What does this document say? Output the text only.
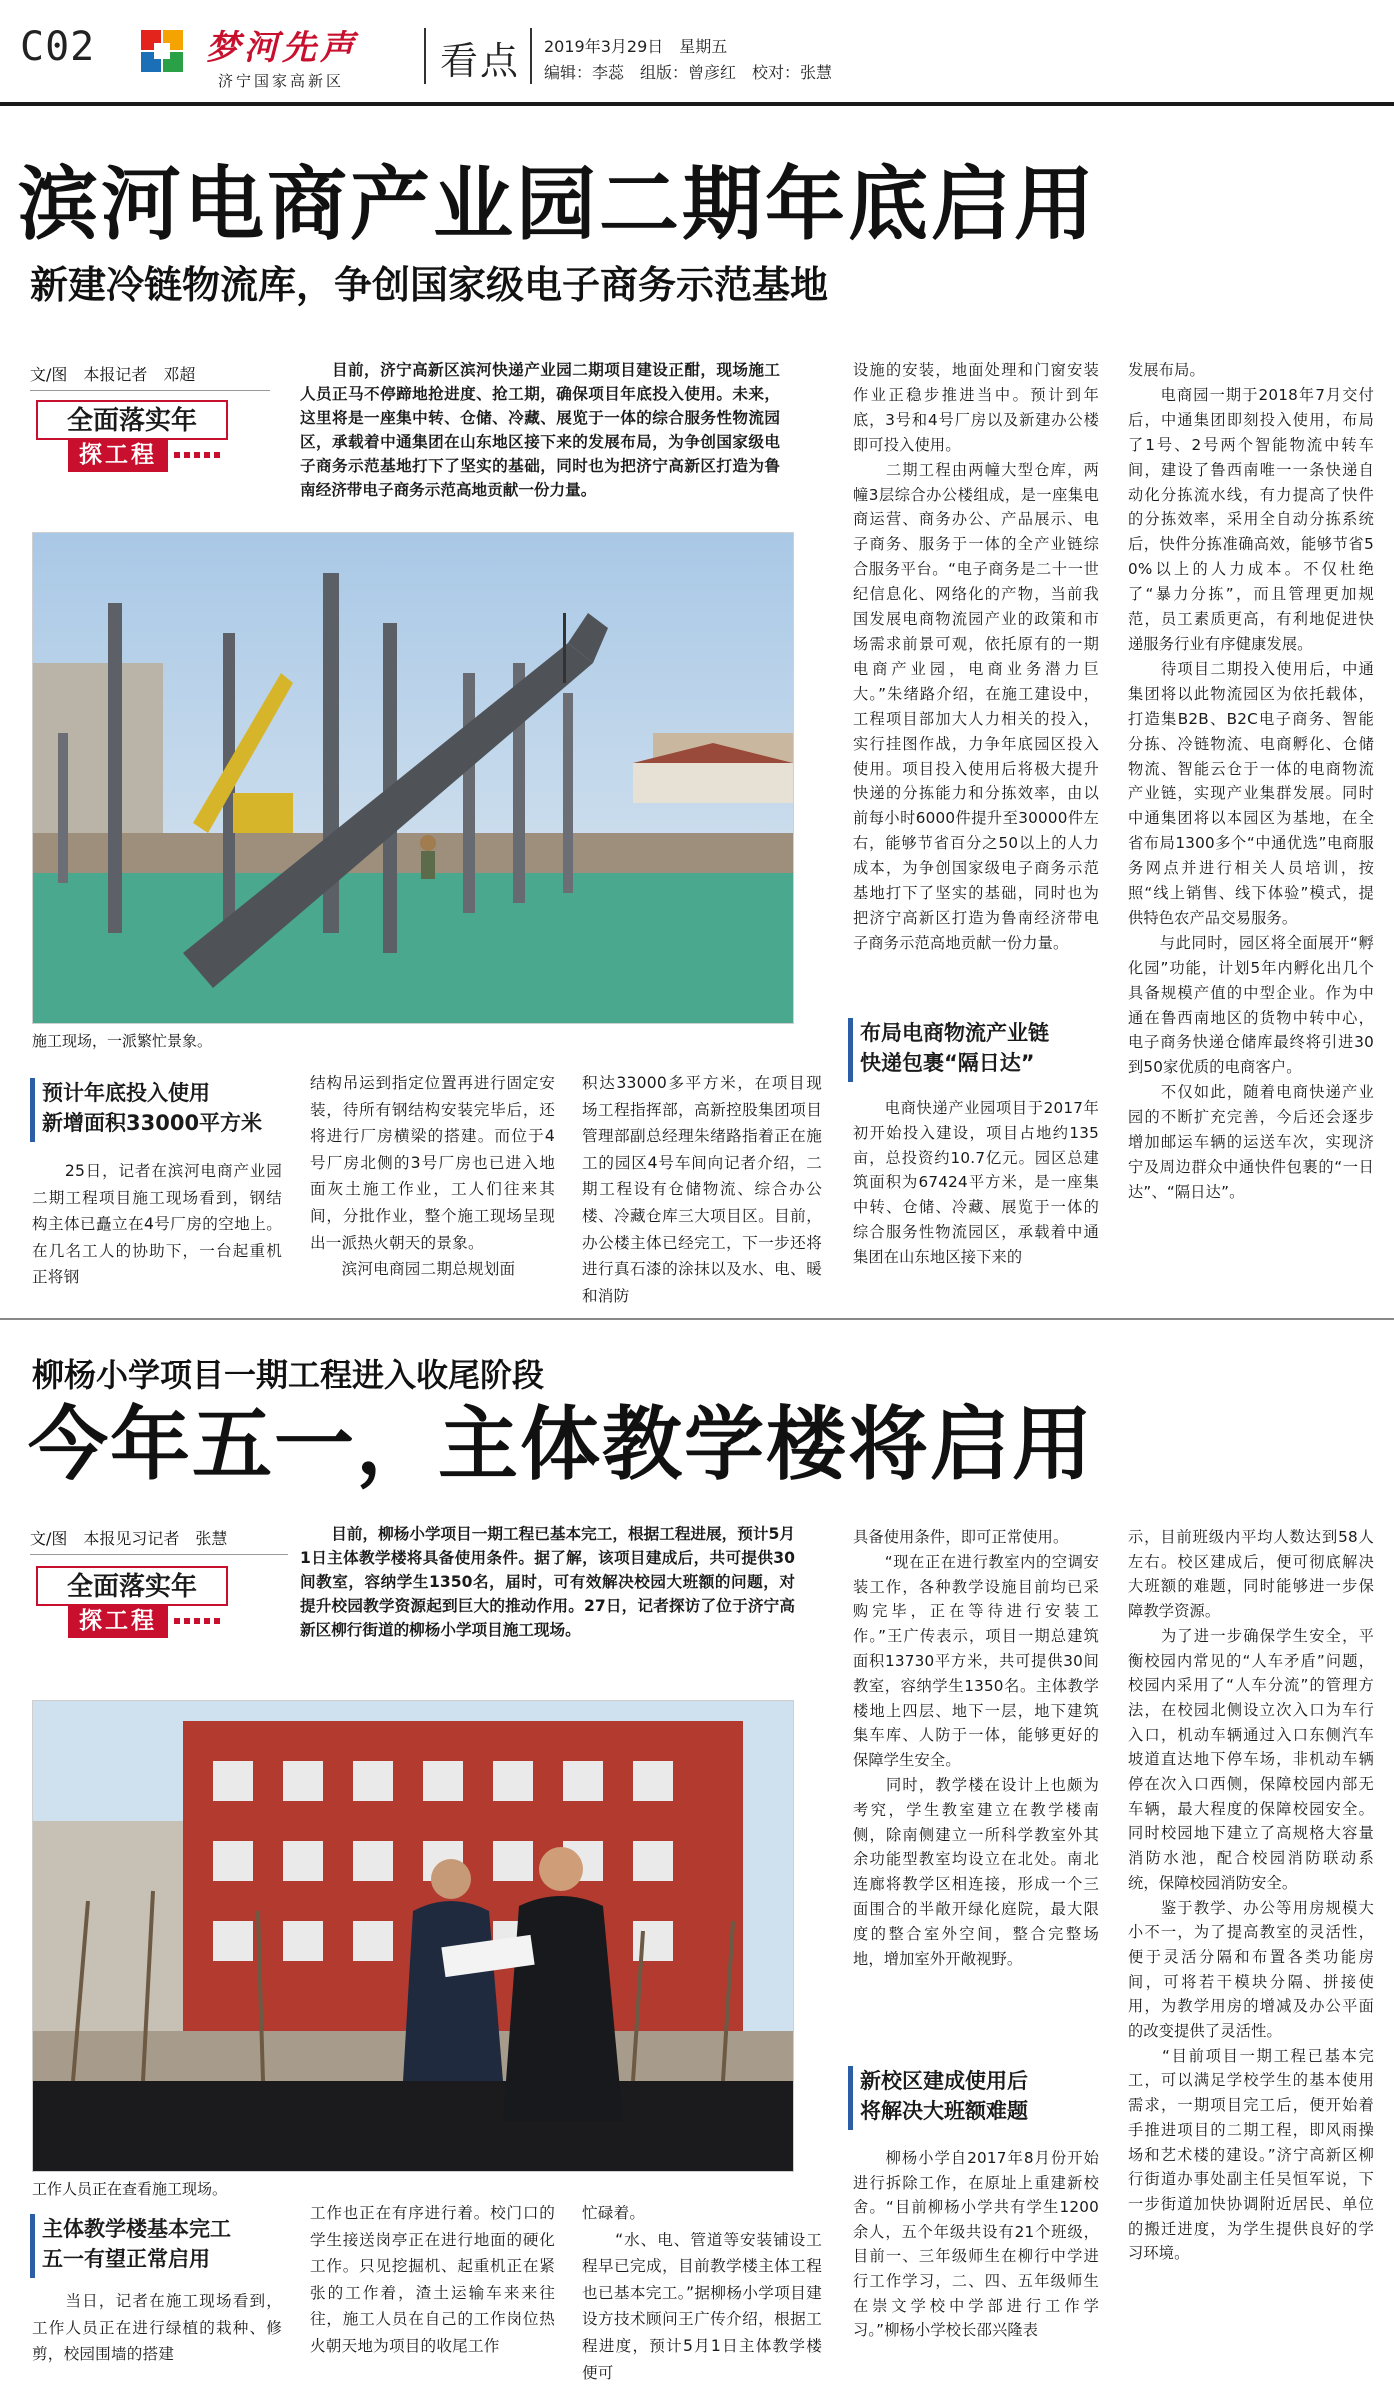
C02	梦河先声
济宁国家高新区	看点 2019年3月29日　星期五
编辑：李蕊　组版：曾彦红　校对：张慧
滨河电商产业园二期年底启用
新建冷链物流库，争创国家级电子商务示范基地
文/图　本报记者　邓超
全面落实年
探工程
　　目前，济宁高新区滨河快递产业园二期项目建设正酣，现场施工人员正马不停蹄地抢进度、抢工期，确保项目年底投入使用。未来，这里将是一座集中转、仓储、冷藏、展览于一体的综合服务性物流园区，承载着中通集团在山东地区接下来的发展布局，为争创国家级电子商务示范基地打下了坚实的基础，同时也为把济宁高新区打造为鲁南经济带电子商务示范高地贡献一份力量。
施工现场，一派繁忙景象。
预计年底投入使用
新增面积33000平方米
　　25日，记者在滨河电商产业园二期工程项目施工现场看到，钢结构主体已矗立在4号厂房的空地上。在几名工人的协助下，一台起重机正将钢
结构吊运到指定位置再进行固定安装，待所有钢结构安装完毕后，还将进行厂房横梁的搭建。而位于4号厂房北侧的3号厂房也已进入地面灰土施工作业，工人们往来其间，分批作业，整个施工现场呈现出一派热火朝天的景象。
　　滨河电商园二期总规划面
积达33000多平方米，在项目现场工程指挥部，高新控股集团项目管理部副总经理朱绪路指着正在施工的园区4号车间向记者介绍，二期工程设有仓储物流、综合办公楼、冷藏仓库三大项目区。目前，办公楼主体已经完工，下一步还将进行真石漆的涂抹以及水、电、暖和消防
设施的安装，地面处理和门窗安装作业正稳步推进当中。预计到年底，3号和4号厂房以及新建办公楼即可投入使用。
　　二期工程由两幢大型仓库，两幢3层综合办公楼组成，是一座集电商运营、商务办公、产品展示、电子商务、服务于一体的全产业链综合服务平台。“电子商务是二十一世纪信息化、网络化的产物，当前我国发展电商物流园产业的政策和市场需求前景可观，依托原有的一期电商产业园，电商业务潜力巨大。”朱绪路介绍，在施工建设中，工程项目部加大人力相关的投入，实行挂图作战，力争年底园区投入使用。项目投入使用后将极大提升快递的分拣能力和分拣效率，由以前每小时6000件提升至30000件左右，能够节省百分之50以上的人力成本，为争创国家级电子商务示范基地打下了坚实的基础，同时也为把济宁高新区打造为鲁南经济带电子商务示范高地贡献一份力量。
布局电商物流产业链
快递包裹“隔日达”
　　电商快递产业园项目于2017年初开始投入建设，项目占地约135亩，总投资约10.7亿元。园区总建筑面积为67424平方米，是一座集中转、仓储、冷藏、展览于一体的综合服务性物流园区，承载着中通集团在山东地区接下来的
发展布局。
　　电商园一期于2018年7月交付后，中通集团即刻投入使用，布局了1号、2号两个智能物流中转车间，建设了鲁西南唯一一条快递自动化分拣流水线，有力提高了快件的分拣效率，采用全自动分拣系统后，快件分拣准确高效，能够节省50%以上的人力成本。不仅杜绝了“暴力分拣”，而且管理更加规范，员工素质更高，有利地促进快递服务行业有序健康发展。
　　待项目二期投入使用后，中通集团将以此物流园区为依托载体，打造集B2B、B2C电子商务、智能分拣、冷链物流、电商孵化、仓储物流、智能云仓于一体的电商物流产业链，实现产业集群发展。同时中通集团将以本园区为基地，在全省布局1300多个“中通优选”电商服务网点并进行相关人员培训，按照“线上销售、线下体验”模式，提供特色农产品交易服务。
　　与此同时，园区将全面展开“孵化园”功能，计划5年内孵化出几个具备规模产值的中型企业。作为中通在鲁西南地区的货物中转中心，电子商务快递仓储库最终将引进30到50家优质的电商客户。
　　不仅如此，随着电商快递产业园的不断扩充完善，今后还会逐步增加邮运车辆的运送车次，实现济宁及周边群众中通快件包裹的“一日达”、“隔日达”。
柳杨小学项目一期工程进入收尾阶段
今年五一，主体教学楼将启用
文/图　本报见习记者　张慧
全面落实年
探工程
　　目前，柳杨小学项目一期工程已基本完工，根据工程进展，预计5月1日主体教学楼将具备使用条件。据了解，该项目建成后，共可提供30间教室，容纳学生1350名，届时，可有效解决校园大班额的问题，对提升校园教学资源起到巨大的推动作用。27日，记者探访了位于济宁高新区柳行街道的柳杨小学项目施工现场。
工作人员正在查看施工现场。
主体教学楼基本完工
五一有望正常启用
　　当日，记者在施工现场看到，工作人员正在进行绿植的栽种、修剪，校园围墙的搭建
工作也正在有序进行着。校门口的学生接送岗亭正在进行地面的硬化工作。只见挖掘机、起重机正在紧张的工作着，渣土运输车来来往往，施工人员在自己的工作岗位热火朝天地为项目的收尾工作
忙碌着。
　　“水、电、管道等安装铺设工程早已完成，目前教学楼主体工程也已基本完工。”据柳杨小学项目建设方技术顾问王广传介绍，根据工程进度，预计5月1日主体教学楼便可
具备使用条件，即可正常使用。
　　“现在正在进行教室内的空调安装工作，各种教学设施目前均已采购完毕，正在等待进行安装工作。”王广传表示，项目一期总建筑面积13730平方米，共可提供30间教室，容纳学生1350名。主体教学楼地上四层、地下一层，地下建筑集车库、人防于一体，能够更好的保障学生安全。
　　同时，教学楼在设计上也颇为考究，学生教室建立在教学楼南侧，除南侧建立一所科学教室外其余功能型教室均设立在北处。南北连廊将教学区相连接，形成一个三面围合的半敞开绿化庭院，最大限度的整合室外空间，整合完整场地，增加室外开敞视野。
新校区建成使用后
将解决大班额难题
　　柳杨小学自2017年8月份开始进行拆除工作，在原址上重建新校舍。“目前柳杨小学共有学生1200余人，五个年级共设有21个班级，目前一、三年级师生在柳行中学进行工作学习，二、四、五年级师生在崇文学校中学部进行工作学习。”柳杨小学校长邵兴隆表
示，目前班级内平均人数达到58人左右。校区建成后，便可彻底解决大班额的难题，同时能够进一步保障教学资源。
　　为了进一步确保学生安全，平衡校园内常见的“人车矛盾”问题，校园内采用了“人车分流”的管理方法，在校园北侧设立次入口为车行入口，机动车辆通过入口东侧汽车坡道直达地下停车场，非机动车辆停在次入口西侧，保障校园内部无车辆，最大程度的保障校园安全。同时校园地下建立了高规格大容量消防水池，配合校园消防联动系统，保障校园消防安全。
　　鉴于教学、办公等用房规模大小不一，为了提高教室的灵活性，便于灵活分隔和布置各类功能房间，可将若干模块分隔、拼接使用，为教学用房的增减及办公平面的改变提供了灵活性。
　　“目前项目一期工程已基本完工，可以满足学校学生的基本使用需求，一期项目完工后，便开始着手推进项目的二期工程，即风雨操场和艺术楼的建设。”济宁高新区柳行街道办事处副主任吴恒军说，下一步街道加快协调附近居民、单位的搬迁进度，为学生提供良好的学习环境。
